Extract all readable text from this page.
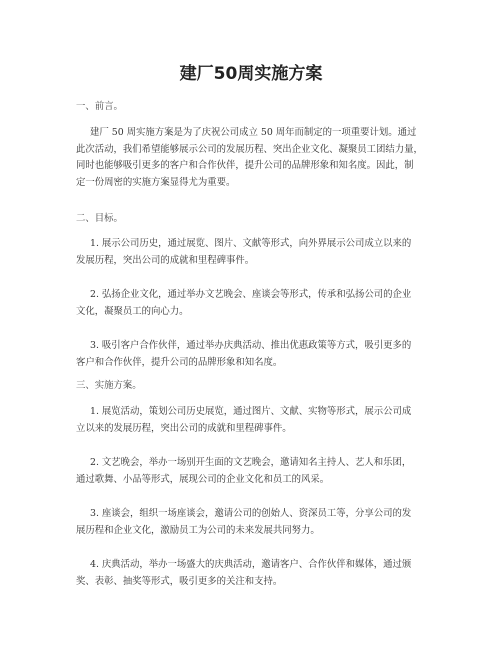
建厂50周实施方案
一、前言。
建厂 50 周实施方案是为了庆祝公司成立 50 周年而制定的一项重要计划。通过
此次活动，我们希望能够展示公司的发展历程、突出企业文化、凝聚员工团结力量，
同时也能够吸引更多的客户和合作伙伴，提升公司的品牌形象和知名度。因此，制
定一份周密的实施方案显得尤为重要。
二、目标。
1. 展示公司历史，通过展览、图片、文献等形式，向外界展示公司成立以来的
发展历程，突出公司的成就和里程碑事件。
2. 弘扬企业文化，通过举办文艺晚会、座谈会等形式，传承和弘扬公司的企业
文化，凝聚员工的向心力。
3. 吸引客户合作伙伴，通过举办庆典活动、推出优惠政策等方式，吸引更多的
客户和合作伙伴，提升公司的品牌形象和知名度。
三、实施方案。
1. 展览活动，策划公司历史展览，通过图片、文献、实物等形式，展示公司成
立以来的发展历程，突出公司的成就和里程碑事件。
2. 文艺晚会，举办一场别开生面的文艺晚会，邀请知名主持人、艺人和乐团，
通过歌舞、小品等形式，展现公司的企业文化和员工的风采。
3. 座谈会，组织一场座谈会，邀请公司的创始人、资深员工等，分享公司的发
展历程和企业文化，激励员工为公司的未来发展共同努力。
4. 庆典活动，举办一场盛大的庆典活动，邀请客户、合作伙伴和媒体，通过颁
奖、表彰、抽奖等形式，吸引更多的关注和支持。
